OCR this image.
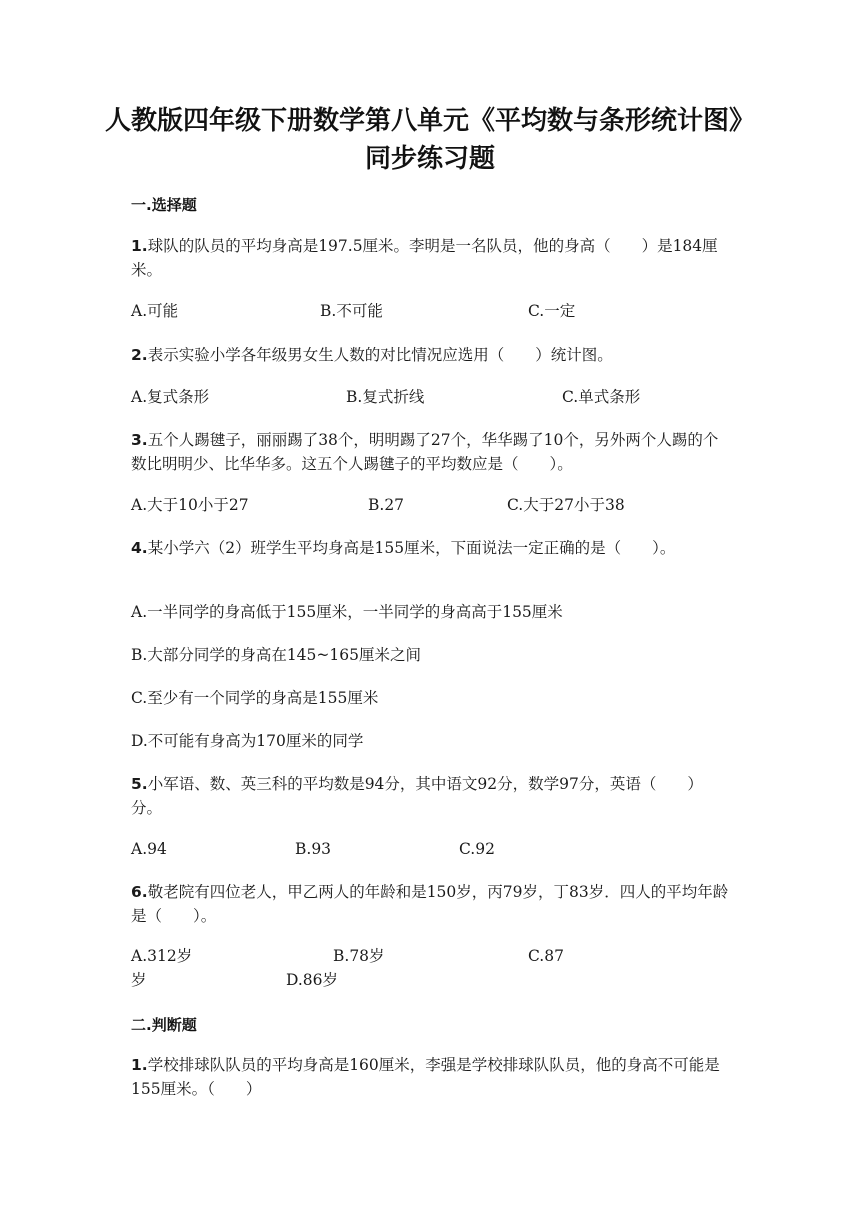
人教版四年级下册数学第八单元《平均数与条形统计图》同步练习题

一.选择题

1.球队的队员的平均身高是197.5厘米。李明是一名队员，他的身高（　　）是184厘米。

A.可能	B.不可能	C.一定

2.表示实验小学各年级男女生人数的对比情况应选用（　　）统计图。

A.复式条形	B.复式折线	C.单式条形

3.五个人踢毽子，丽丽踢了38个，明明踢了27个，华华踢了10个，另外两个人踢的个数比明明少、比华华多。这五个人踢毽子的平均数应是（　　）。

A.大于10小于27	B.27	C.大于27小于38

4.某小学六（2）班学生平均身高是155厘米，下面说法一定正确的是（　　）。

A.一半同学的身高低于155厘米，一半同学的身高高于155厘米
B.大部分同学的身高在145~165厘米之间
C.至少有一个同学的身高是155厘米
D.不可能有身高为170厘米的同学

5.小军语、数、英三科的平均数是94分，其中语文92分，数学97分，英语（　　）分。

A.94	B.93	C.92

6.敬老院有四位老人，甲乙两人的年龄和是150岁，丙79岁，丁83岁．四人的平均年龄是（　　）。

A.312岁	B.78岁	C.87
岁	D.86岁

二.判断题

1.学校排球队队员的平均身高是160厘米，李强是学校排球队队员，他的身高不可能是155厘米。（　　）
